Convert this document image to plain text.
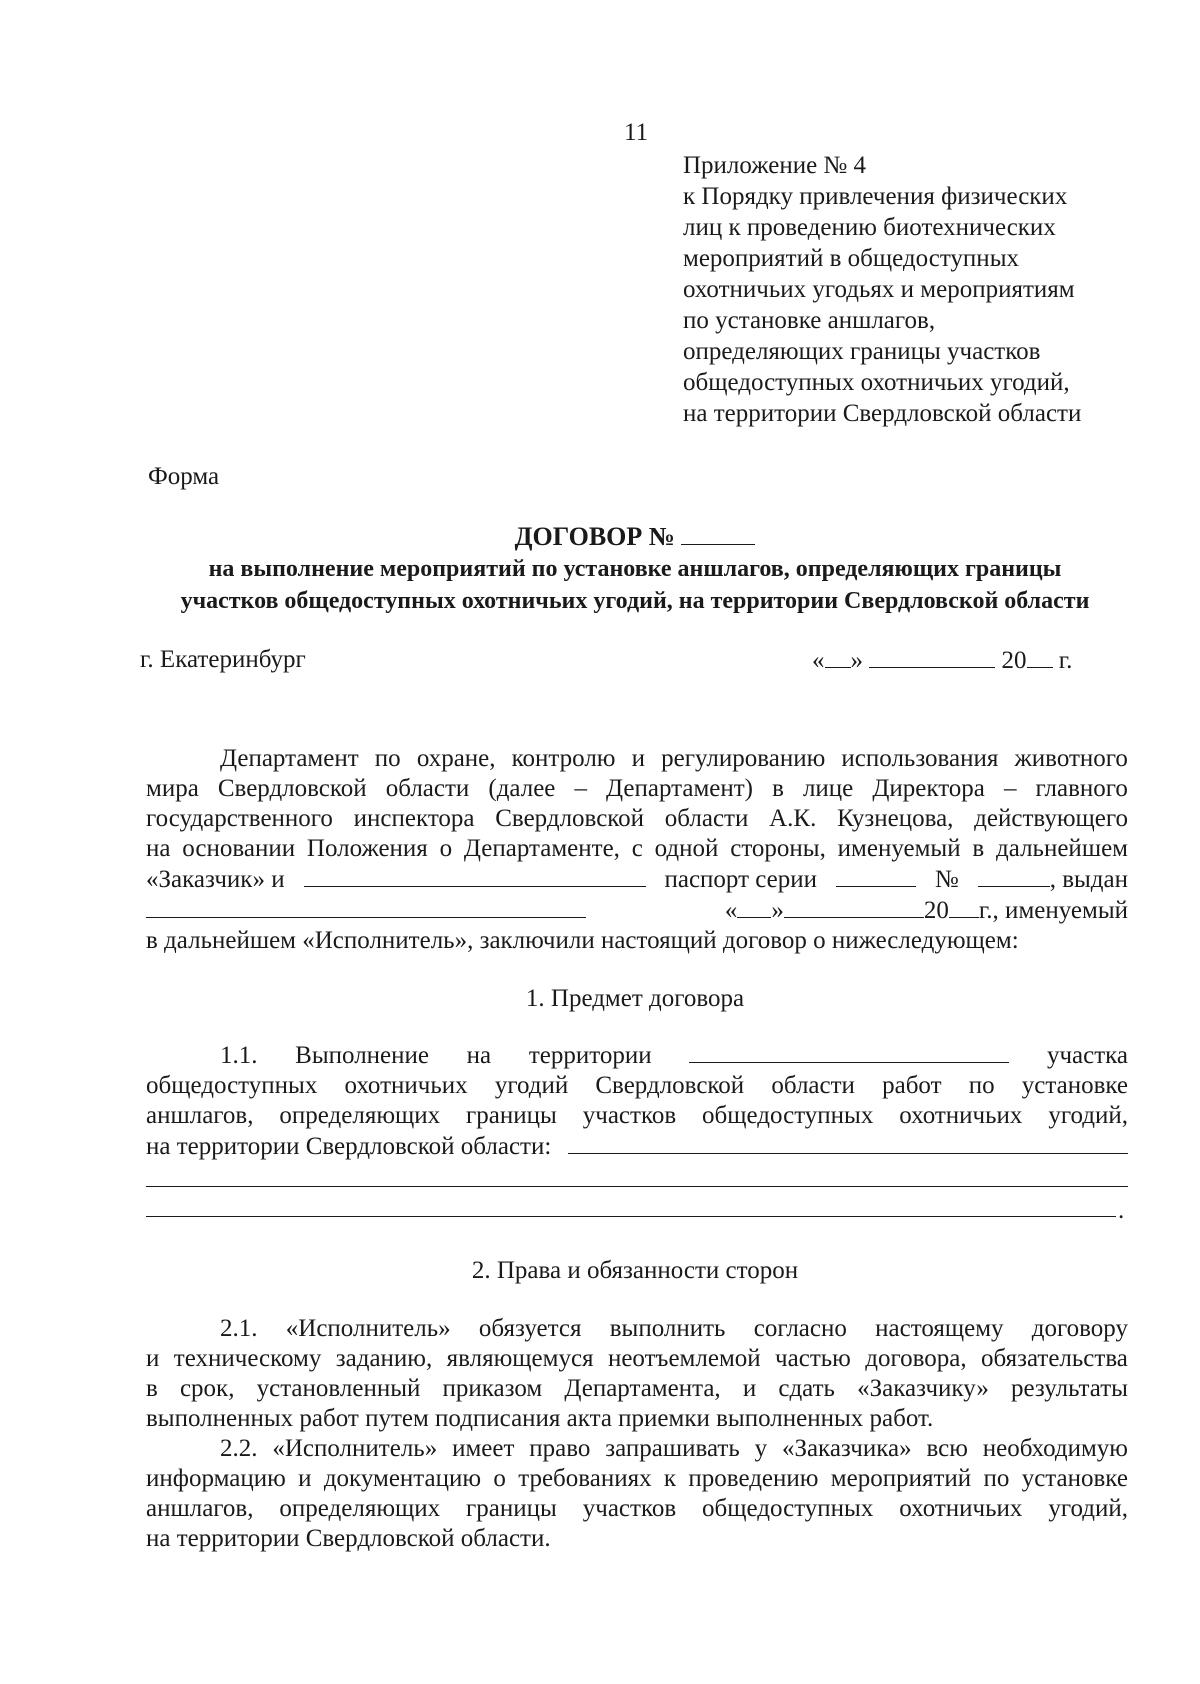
11
Приложение № 4
к Порядку привлечения физических
лиц к проведению биотехнических
мероприятий в общедоступных
охотничьих угодьях и мероприятиям
по установке аншлагов,
определяющих границы участков
общедоступных охотничьих угодий,
на территории Свердловской области
Форма
ДОГОВОР №
на выполнение мероприятий по установке аншлагов, определяющих границы
участков общедоступных охотничьих угодий, на территории Свердловской области
г. Екатеринбург	« »	20 г.
Департамент по охране, контролю и регулированию использования животного
мира Свердловской области (далее – Департамент) в лице Директора – главного
государственного инспектора Свердловской области А.К. Кузнецова, действующего
на основании Положения о Департаменте, с одной стороны, именуемый в дальнейшем
«Заказчик» и	паспорт серии	№	, выдан
« »	20 г., именуемый
в дальнейшем «Исполнитель», заключили настоящий договор о нижеследующем:
1. Предмет договора
1.1. Выполнение на территории	участка
общедоступных охотничьих угодий Свердловской области работ по установке
аншлагов, определяющих границы участков общедоступных охотничьих угодий,
на территории Свердловской области:
.
2. Права и обязанности сторон
2.1. «Исполнитель» обязуется выполнить согласно настоящему договору
и техническому заданию, являющемуся неотъемлемой частью договора, обязательства
в срок, установленный приказом Департамента, и сдать «Заказчику» результаты
выполненных работ путем подписания акта приемки выполненных работ.
2.2. «Исполнитель» имеет право запрашивать у «Заказчика» всю необходимую
информацию и документацию о требованиях к проведению мероприятий по установке
аншлагов, определяющих границы участков общедоступных охотничьих угодий,
на территории Свердловской области.
